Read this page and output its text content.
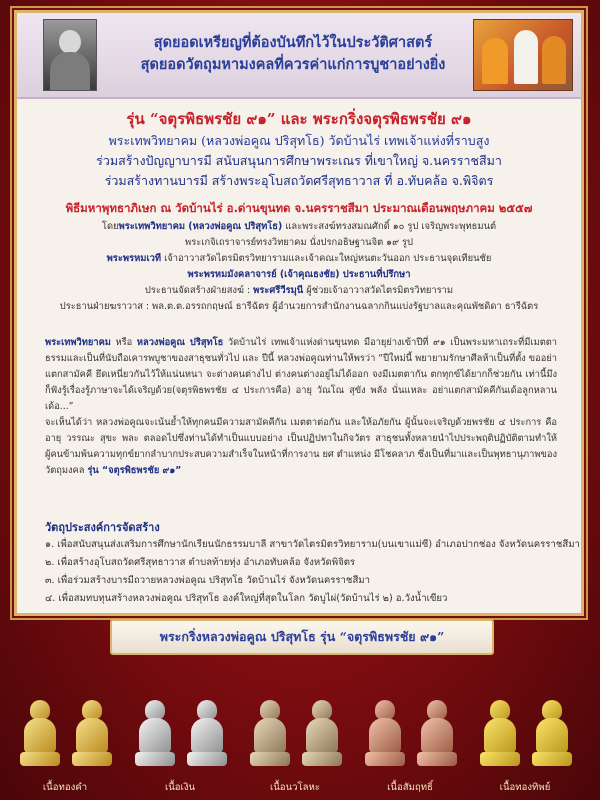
สุดยอดเหรียญที่ต้องบันทึกไว้ในประวัติศาสตร์
สุดยอดวัตถุมหามงคลที่ควรค่าแก่การบูชาอย่างยิ่ง
รุ่น “จตุรพิธพรชัย ๙๑” และ พระกริ่งจตุรพิธพรชัย ๙๑
พระเทพวิทยาคม (หลวงพ่อคูณ ปริสุทโธ) วัดบ้านไร่ เทพเจ้าแห่งที่ราบสูง
ร่วมสร้างปัญญาบารมี สนับสนุนการศึกษาพระเณร ที่เขาใหญ่ จ.นครราชสีมา
ร่วมสร้างทานบารมี สร้างพระอุโบสถวัดศรีสุทธาวาส ที่ อ.ทับคล้อ จ.พิจิตร
พิธีมหาพุทธาภิเษก ณ วัดบ้านไร่ อ.ด่านขุนทด จ.นครราชสีมา ประมาณเดือนพฤษภาคม ๒๕๕๗
โดยพระเทพวิทยาคม (หลวงพ่อคูณ ปริสุทโธ) และพระสงฆ์ทรงสมณศักดิ์ ๑๐ รูป เจริญพระพุทธมนต์
พระเกจิเถราจารย์ทรงวิทยาคม นั่งปรกอธิษฐานจิต ๑๙ รูป
พระพรหมเวที เจ้าอาวาสวัดไตรมิตรวิทยารามและเจ้าคณะใหญ่หนตะวันออก ประธานจุดเทียนชัย
พระพรหมมังคลาจารย์ (เจ้าคุณธงชัย) ประธานที่ปรึกษา
ประธานจัดสร้างฝ่ายสงฆ์ : พระศรีวีรมุนี ผู้ช่วยเจ้าอาวาสวัดไตรมิตรวิทยาราม
ประธานฝ่ายฆราวาส : พล.ต.ต.อรรถกฤษณ์ ธารีฉัตร ผู้อำนวยการสำนักงานฉลากกินแบ่งรัฐบาลและคุณพัชดิดา ธารีฉัตร
พระเทพวิทยาคม หรือ หลวงพ่อคูณ ปริสุทโธ วัดบ้านไร่ เทพเจ้าแห่งด่านขุนทด มีอายุย่างเข้าปีที่ ๙๑ เป็นพระมหาเถระที่มีเมตตาธรรมและเป็นที่นับถือเคารพบูชาของสาธุชนทั่วไป และ ปีนี้ หลวงพ่อคูณท่านให้พรว่า “ปีใหม่นี้ พยายามรักษาศีลห้าเป็นที่ตั้ง ขออย่าแตกสามัคคี ยึดเหนี่ยวกันไว้ให้แน่นหนา จะต่างคนต่างไป ต่างคนต่างอยู่ไม่ได้ออก จงมีเมตตากัน ตกทุกข์ได้ยากก็ช่วยกัน เท่านี้มึงก็ฟังรู้เรื่องรู้ภาษาจะได้เจริญด้วย(จตุรพิธพรชัย ๔ ประการคือ) อายุ วัณโณ สุขัง พลัง นั่นแหละ อย่าแตกสามัคคีกันเด้อลูกหลานเด้อ...”
จะเห็นได้ว่า หลวงพ่อคูณจะเน้นย้ำให้ทุกคนมีความสามัคคีกัน เมตตาต่อกัน และให้อภัยกัน ผู้นั้นจะเจริญด้วยพรชัย ๔ ประการ คือ อายุ วรรณะ สุขะ พละ ตลอดไปซึ่งท่านได้ทำเป็นแบบอย่าง เป็นปฏิปทาในกิจวัตร สาธุชนทั้งหลายนำไปประพฤติปฏิบัติตามทำให้ผู้คนข้ามพ้นความทุกข์ยากลำบากประสบความสำเร็จในหน้าที่การงาน ยศ ตำแหน่ง มีโชคลาภ ซึ่งเป็นที่มาและเป็นพุทธานุภาพของวัตถุมงคล รุ่น “จตุรพิธพรชัย ๙๑”
วัตถุประสงค์การจัดสร้าง
๑. เพื่อสนับสนุนส่งเสริมการศึกษานักเรียนนักธรรมบาลี สาขาวัดไตรมิตรวิทยาราม(บนเขาแม่ซี) อำเภอปากช่อง จังหวัดนครราชสีมา
๒. เพื่อสร้างอุโบสถวัดศรีสุทธาวาส ตำบลท้ายทุ่ง อำเภอทับคล้อ จังหวัดพิจิตร
๓. เพื่อร่วมสร้างบารมีถวายหลวงพ่อคูณ ปริสุทโธ วัดบ้านไร่ จังหวัดนครราชสีมา
๔. เพื่อสมทบทุนสร้างหลวงพ่อคูณ ปริสุทโธ องค์ใหญ่ที่สุดในโลก วัดบูไผ่(วัดบ้านไร่ ๒) อ.วังน้ำเขียว
พระกริ่งหลวงพ่อคูณ ปริสุทโธ รุ่น “จตุรพิธพรชัย ๙๑”
เนื้อทองคำ	เนื้อเงิน	เนื้อนวโลหะ	เนื้อสัมฤทธิ์	เนื้อทองทิพย์
